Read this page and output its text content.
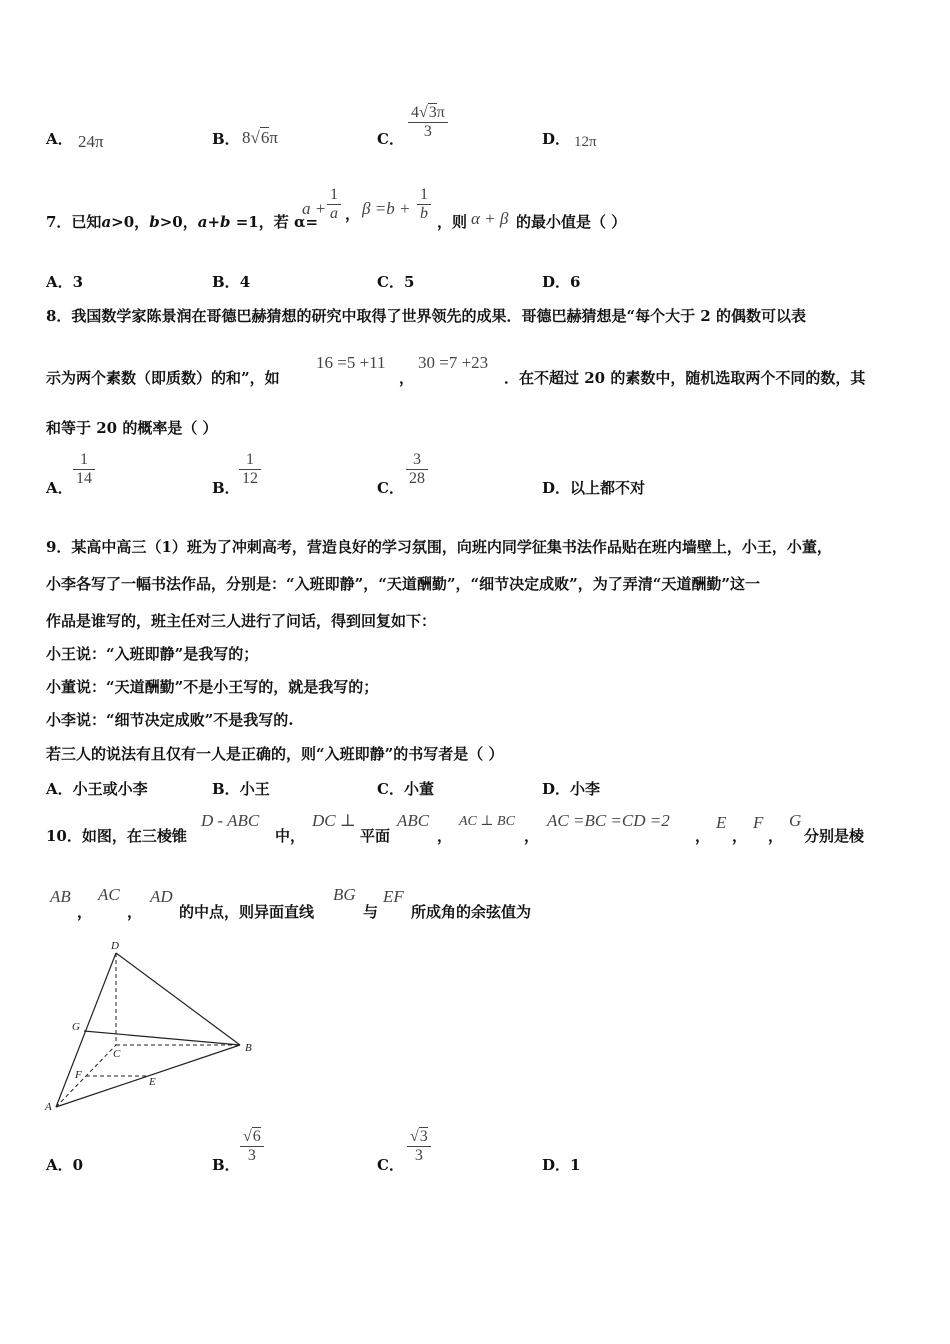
A． 24π	B． 8√6π	C． $\frac{4√3\pi}{3}$	D． 12π
7．已知a>0，b>0，a+b =1，若 α=
$a + \frac{1}{a}$ ， $\beta =b + \frac{1}{b}$ ，则 α + β 的最小值是（ ）
A．3	B．4	C．5	D．6
8．我国数学家陈景润在哥德巴赫猜想的研究中取得了世界领先的成果．哥德巴赫猜想是“每个大于 2 的偶数可以表
示为两个素数（即质数）的和”，如
16 =5 +11
，
30 =7 +23
．在不超过 20 的素数中，随机选取两个不同的数，其
和等于 20 的概率是（ ）
A． $\frac{1}{14}$	B． $\frac{1}{12}$	C． $\frac{3}{28}$	D．以上都不对
9．某高中高三（1）班为了冲刺高考，营造良好的学习氛围，向班内同学征集书法作品贴在班内墙壁上，小王，小董，
小李各写了一幅书法作品，分别是：“入班即静”，“天道酬勤”，“细节决定成败”，为了弄清“天道酬勤”这一
作品是谁写的，班主任对三人进行了问话，得到回复如下：
小王说：“入班即静”是我写的；
小董说：“天道酬勤”不是小王写的，就是我写的；
小李说：“细节决定成败”不是我写的.
若三人的说法有且仅有一人是正确的，则“入班即静”的书写者是（ ）
A．小王或小李	B．小王	C．小董	D．小李
10．如图，在三棱锥
D - ABC
中，
DC ⊥
平面
ABC
，
AC ⊥ BC
，
AC =BC =CD =2
，
E
，
F
，
G
分别是棱
AB
，
AC
，
AD
的中点，则异面直线
BG
与
EF
所成角的余弦值为
D
G
C	B
F
E
A
A．0	B． $\frac{√6}{3}$	C． $\frac{√3}{3}$	D．1
